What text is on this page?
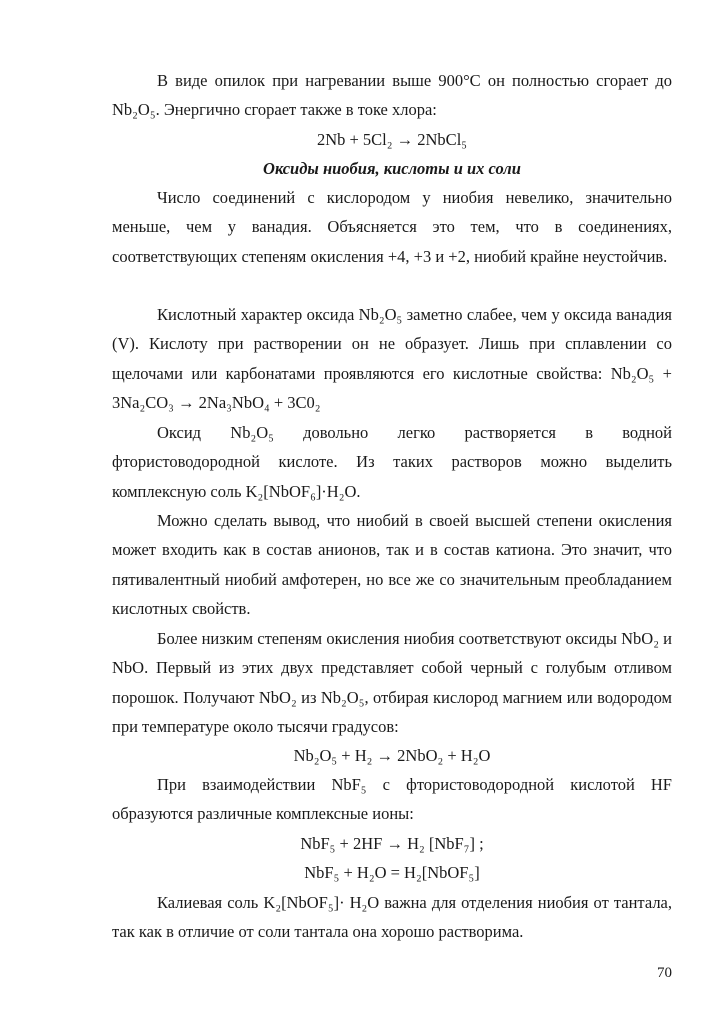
В виде опилок при нагревании выше 900°С он полностью сгорает до Nb₂O₅. Энергично сгорает также в токе хлора:

2Nb + 5Cl₂ → 2NbCl₅

Оксиды ниобия, кислоты и их соли

Число соединений с кислородом у ниобия невелико, значительно меньше, чем у ванадия. Объясняется это тем, что в соединениях, соответствующих степеням окисления +4, +3 и +2, ниобий крайне неустойчив.

Кислотный характер оксида Nb₂O₅ заметно слабее, чем у оксида ванадия (V). Кислоту при растворении он не образует. Лишь при сплавлении со щелочами или карбонатами проявляются его кислотные свойства: Nb₂O₅ + 3Na₂CO₃ → 2Na₃NbO₄ + 3С0₂

Оксид Nb₂O₅ довольно легко растворяется в водной фтористоводородной кислоте. Из таких растворов можно выделить комплексную соль K₂[NbOF₆]·H₂O.

Можно сделать вывод, что ниобий в своей высшей степени окисления может входить как в состав анионов, так и в состав катиона. Это значит, что пятивалентный ниобий амфотерен, но все же со значительным преобладанием кислотных свойств.

Более низким степеням окисления ниобия соответствуют оксиды NbO₂ и NbO. Первый из этих двух представляет собой черный с голубым отливом порошок. Получают NbO₂ из Nb₂O₅, отбирая кислород магнием или водородом при температуре около тысячи градусов:

Nb₂O₅ + H₂ → 2NbO₂ + H₂O

При взаимодействии NbF₅ с фтористоводородной кислотой HF образуются различные комплексные ионы:

NbF₅ + 2HF → H₂ [NbF₇] ;

NbF₅ + H₂O = H₂[NbOF₅]

Калиевая соль K₂[NbOF₅]· H₂O важна для отделения ниобия от тантала, так как в отличие от соли тантала она хорошо растворима.

70
